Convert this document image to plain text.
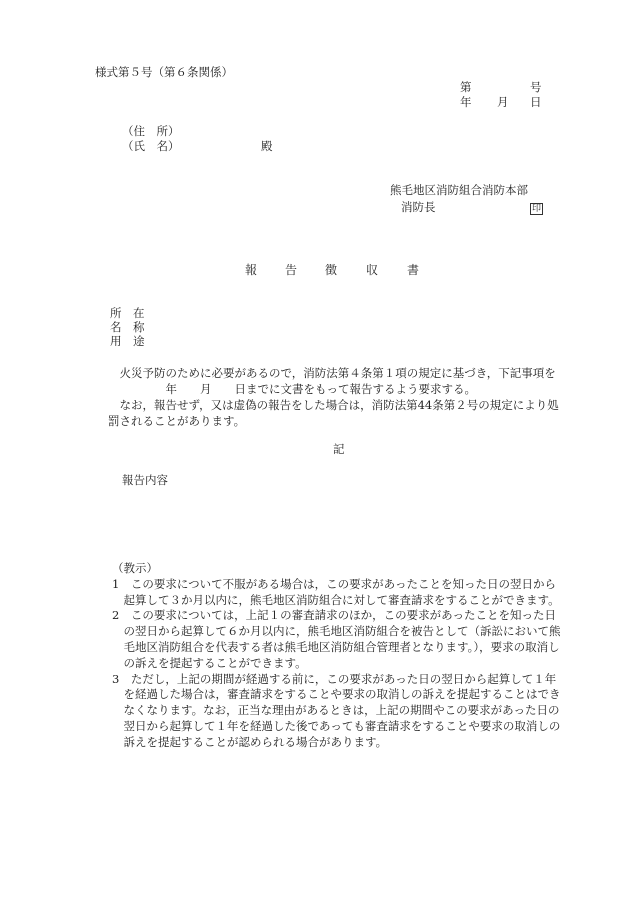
様式第５号（第６条関係）
第	号
年 月 日
（住　所）
（氏　名）	殿
熊毛地区消防組合消防本部
消防長	印
報 告 徴 収 書
所　在
名　称
用　途
　火災予防のために必要があるので，消防法第４条第１項の規定に基づき，下記事項を
　　　　　年　　月　　日までに文書をもって報告するよう要求する。
　なお，報告せず，又は虚偽の報告をした場合は，消防法第44条第２号の規定により処
罰されることがあります。
記
報告内容
（教示）
1　この要求について不服がある場合は，この要求があったことを知った日の翌日から
　起算して３か月以内に，熊毛地区消防組合に対して審査請求をすることができます。
2　この要求については，上記１の審査請求のほか，この要求があったことを知った日
　の翌日から起算して６か月以内に，熊毛地区消防組合を被告として（訴訟において熊
　毛地区消防組合を代表する者は熊毛地区消防組合管理者となります。），要求の取消し
　の訴えを提起することができます。
3　ただし，上記の期間が経過する前に，この要求があった日の翌日から起算して１年
　を経過した場合は，審査請求をすることや要求の取消しの訴えを提起することはでき
　なくなります。なお，正当な理由があるときは，上記の期間やこの要求があった日の
　翌日から起算して１年を経過した後であっても審査請求をすることや要求の取消しの
　訴えを提起することが認められる場合があります。
